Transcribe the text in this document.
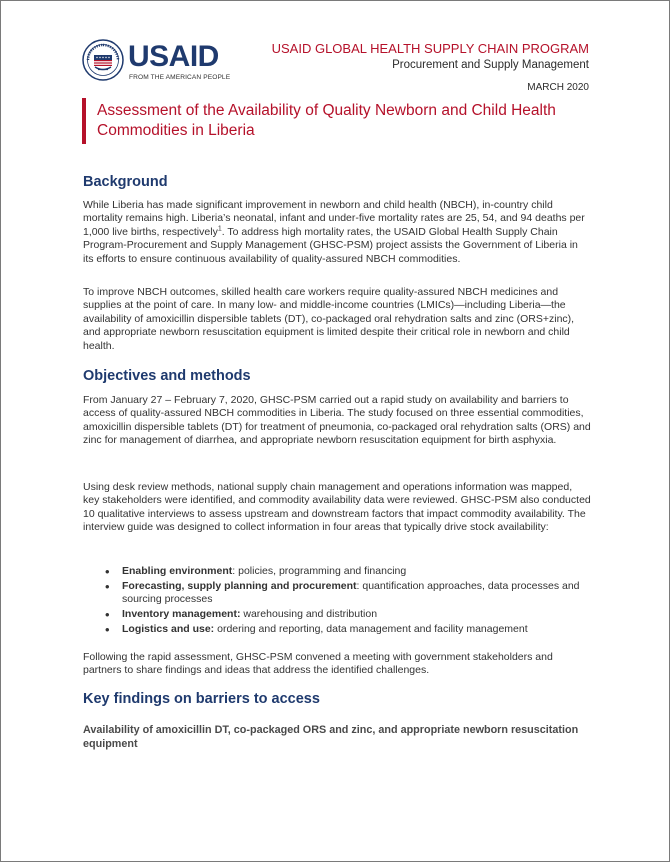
USAID
FROM THE AMERICAN PEOPLE
USAID GLOBAL HEALTH SUPPLY CHAIN PROGRAM
Procurement and Supply Management
MARCH 2020
Assessment of the Availability of Quality Newborn and Child Health Commodities in Liberia
Background

While Liberia has made significant improvement in newborn and child health (NBCH), in-country child mortality remains high. Liberia’s neonatal, infant and under-five mortality rates are 25, 54, and 94 deaths per 1,000 live births, respectively$^1$. To address high mortality rates, the USAID Global Health Supply Chain Program-Procurement and Supply Management (GHSC-PSM) project assists the Government of Liberia in its efforts to ensure continuous availability of quality-assured NBCH commodities.

To improve NBCH outcomes, skilled health care workers require quality-assured NBCH medicines and supplies at the point of care. In many low- and middle-income countries (LMICs)—including Liberia—the availability of amoxicillin dispersible tablets (DT), co-packaged oral rehydration salts and zinc (ORS+zinc), and appropriate newborn resuscitation equipment is limited despite their critical role in newborn and child health.

Objectives and methods

From January 27 – February 7, 2020, GHSC-PSM carried out a rapid study on availability and barriers to access of quality-assured NBCH commodities in Liberia. The study focused on three essential commodities, amoxicillin dispersible tablets (DT) for treatment of pneumonia, co-packaged oral rehydration salts (ORS) and zinc for management of diarrhea, and appropriate newborn resuscitation equipment for birth asphyxia.

Using desk review methods, national supply chain management and operations information was mapped, key stakeholders were identified, and commodity availability data were reviewed. GHSC-PSM also conducted 10 qualitative interviews to assess upstream and downstream factors that impact commodity availability. The interview guide was designed to collect information in four areas that typically drive stock availability:

• Enabling environment: policies, programming and financing
• Forecasting, supply planning and procurement: quantification approaches, data processes and sourcing processes
• Inventory management: warehousing and distribution
• Logistics and use: ordering and reporting, data management and facility management

Following the rapid assessment, GHSC-PSM convened a meeting with government stakeholders and partners to share findings and ideas that address the identified challenges.

Key findings on barriers to access

Availability of amoxicillin DT, co-packaged ORS and zinc, and appropriate newborn resuscitation equipment
